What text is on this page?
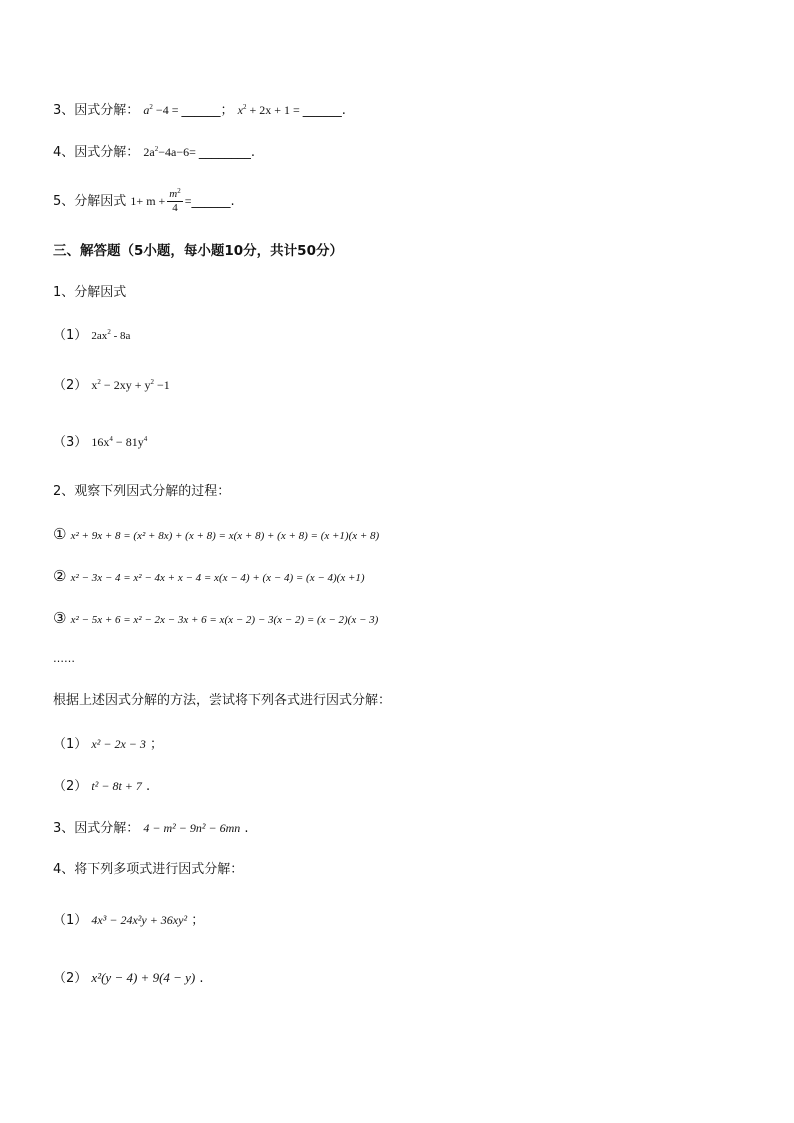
3、因式分解： $a^2 -4$ = ______； $x^2 + 2x + 1$ = ______.
4、因式分解： $2a^2-4a-6=$ ________.
5、分解因式 $1+ m + \frac{m^2}{4}$ =______.
三、解答题（5小题，每小题10分，共计50分）
1、分解因式
（1） $2ax^2 - 8a$
（2） $x^2 - 2xy + y^2 -1$
（3） $16x^4 - 81y^4$
2、观察下列因式分解的过程：
① x² + 9x + 8 = (x² + 8x) + (x + 8) = x(x + 8) + (x + 8) = (x +1)(x + 8)
② x² − 3x − 4 = x² − 4x + x − 4 = x(x − 4) + (x − 4) = (x − 4)(x +1)
③ x² − 5x + 6 = x² − 2x − 3x + 6 = x(x − 2) − 3(x − 2) = (x − 2)(x − 3)
……
根据上述因式分解的方法，尝试将下列各式进行因式分解：
（1） x² − 2x − 3 ；
（2） t² − 8t + 7 .
3、因式分解： 4 − m² − 9n² − 6mn .
4、将下列多项式进行因式分解：
（1） 4x³ − 24x²y + 36xy² ；
（2） x²(y − 4) + 9(4 − y) .
